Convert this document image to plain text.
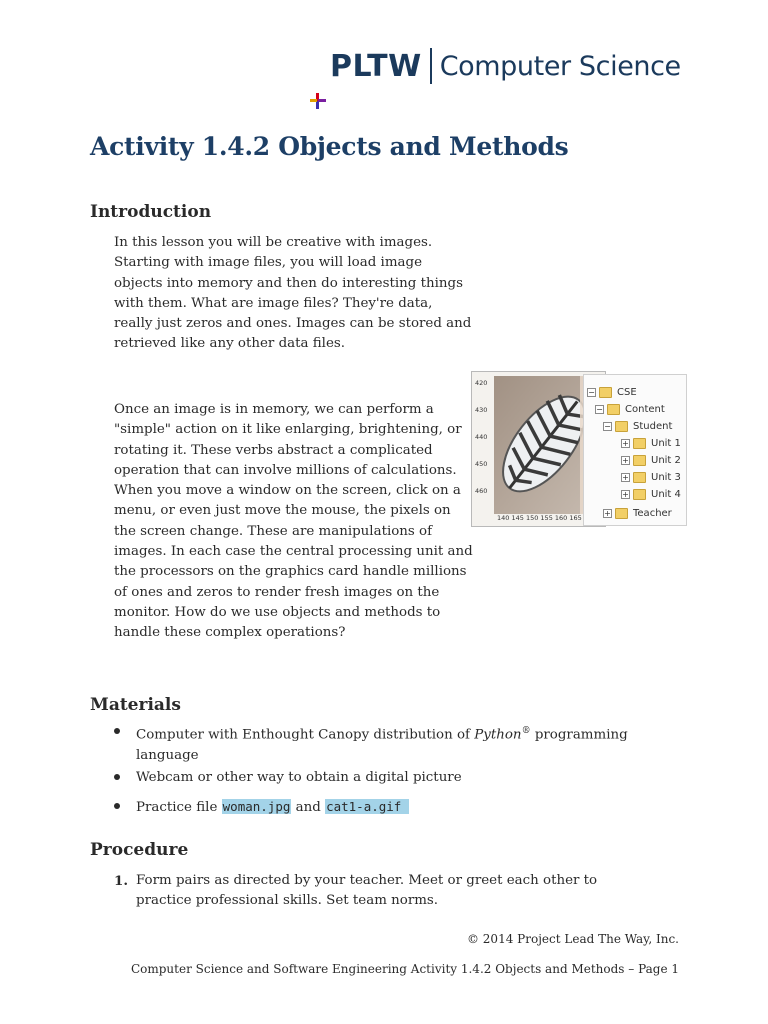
PLTW Computer Science
Activity 1.4.2 Objects and Methods
Introduction
In this lesson you will be creative with images. Starting with image files, you will load image objects into memory and then do interesting things with them. What are image files? They're data, really just zeros and ones. Images can be stored and retrieved like any other data files.
Once an image is in memory, we can perform a "simple" action on it like enlarging, brightening, or rotating it. These verbs abstract a complicated operation that can involve millions of calculations. When you move a window on the screen, click on a menu, or even just move the mouse, the pixels on the screen change. These are manipulations of images. In each case the central processing unit and the processors on the graphics card handle millions of ones and zeros to render fresh images on the monitor. How do we use objects and methods to handle these complex operations?
420
430
440
450
460
140 145 150 155 160 165
− CSE
− Content
− Student
+ Unit 1
+ Unit 2
+ Unit 3
+ Unit 4
+ Teacher
Materials
Computer with Enthought Canopy distribution of Python® programming language
Webcam or other way to obtain a digital picture
Practice file woman.jpg and cat1-a.gif
Procedure
1. Form pairs as directed by your teacher. Meet or greet each other to practice professional skills. Set team norms.
© 2014 Project Lead The Way, Inc.
Computer Science and Software Engineering Activity 1.4.2 Objects and Methods – Page 1
